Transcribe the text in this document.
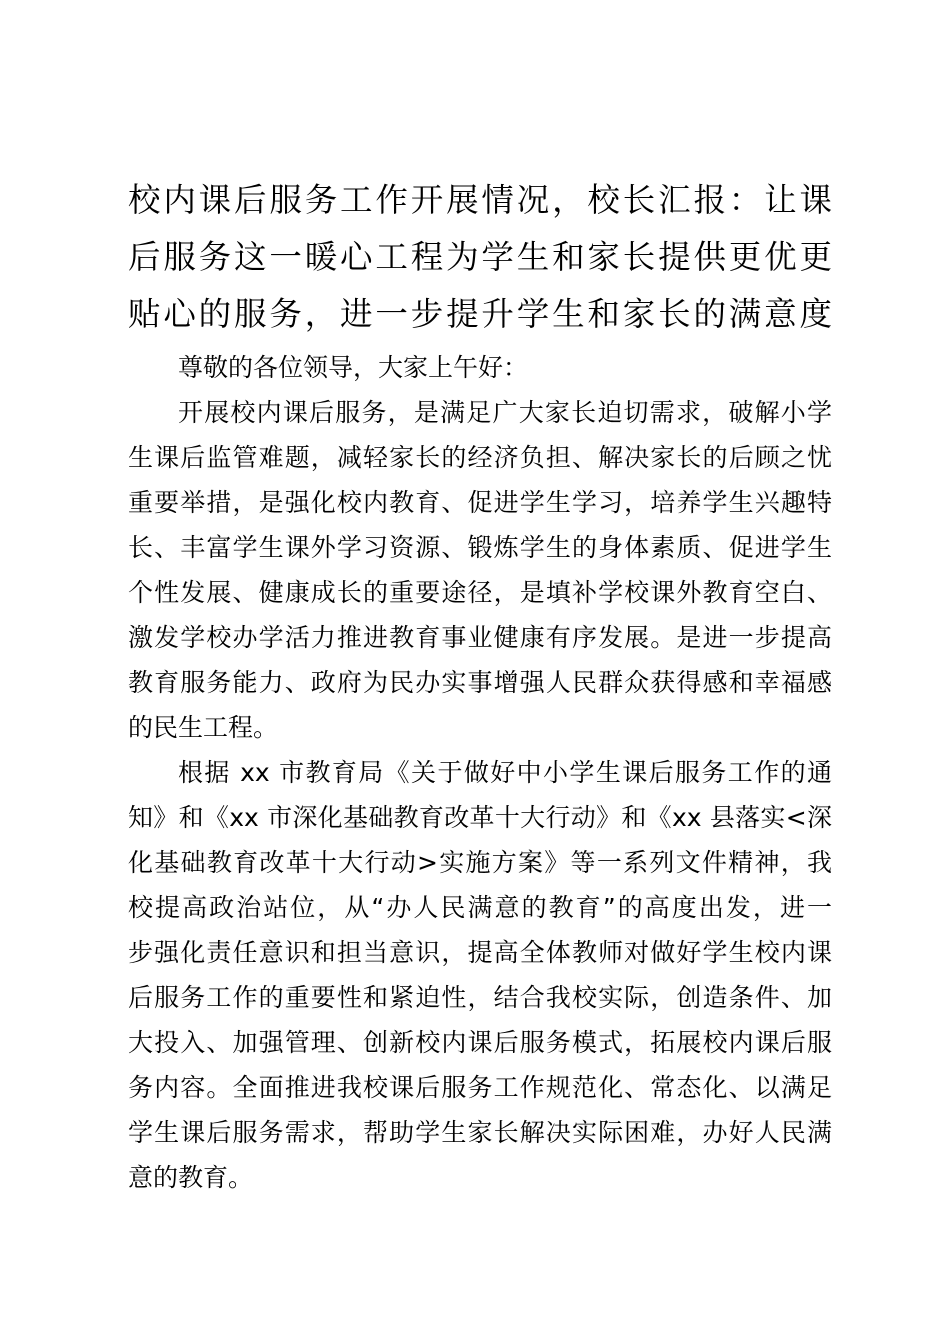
校内课后服务工作开展情况，校长汇报：让课
后服务这一暖心工程为学生和家长提供更优更
贴心的服务，进一步提升学生和家长的满意度

尊敬的各位领导，大家上午好：

开展校内课后服务，是满足广大家长迫切需求，破解小学
生课后监管难题，减轻家长的经济负担、解决家长的后顾之忧
重要举措，是强化校内教育、促进学生学习，培养学生兴趣特
长、丰富学生课外学习资源、锻炼学生的身体素质、促进学生
个性发展、健康成长的重要途径，是填补学校课外教育空白、
激发学校办学活力推进教育事业健康有序发展。是进一步提高
教育服务能力、政府为民办实事增强人民群众获得感和幸福感
的民生工程。

根据 xx 市教育局《关于做好中小学生课后服务工作的通
知》和《xx 市深化基础教育改革十大行动》和《xx 县落实<深
化基础教育改革十大行动>实施方案》等一系列文件精神，我
校提高政治站位，从“办人民满意的教育”的高度出发，进一
步强化责任意识和担当意识，提高全体教师对做好学生校内课
后服务工作的重要性和紧迫性，结合我校实际，创造条件、加
大投入、加强管理、创新校内课后服务模式，拓展校内课后服
务内容。全面推进我校课后服务工作规范化、常态化、以满足
学生课后服务需求，帮助学生家长解决实际困难，办好人民满
意的教育。
